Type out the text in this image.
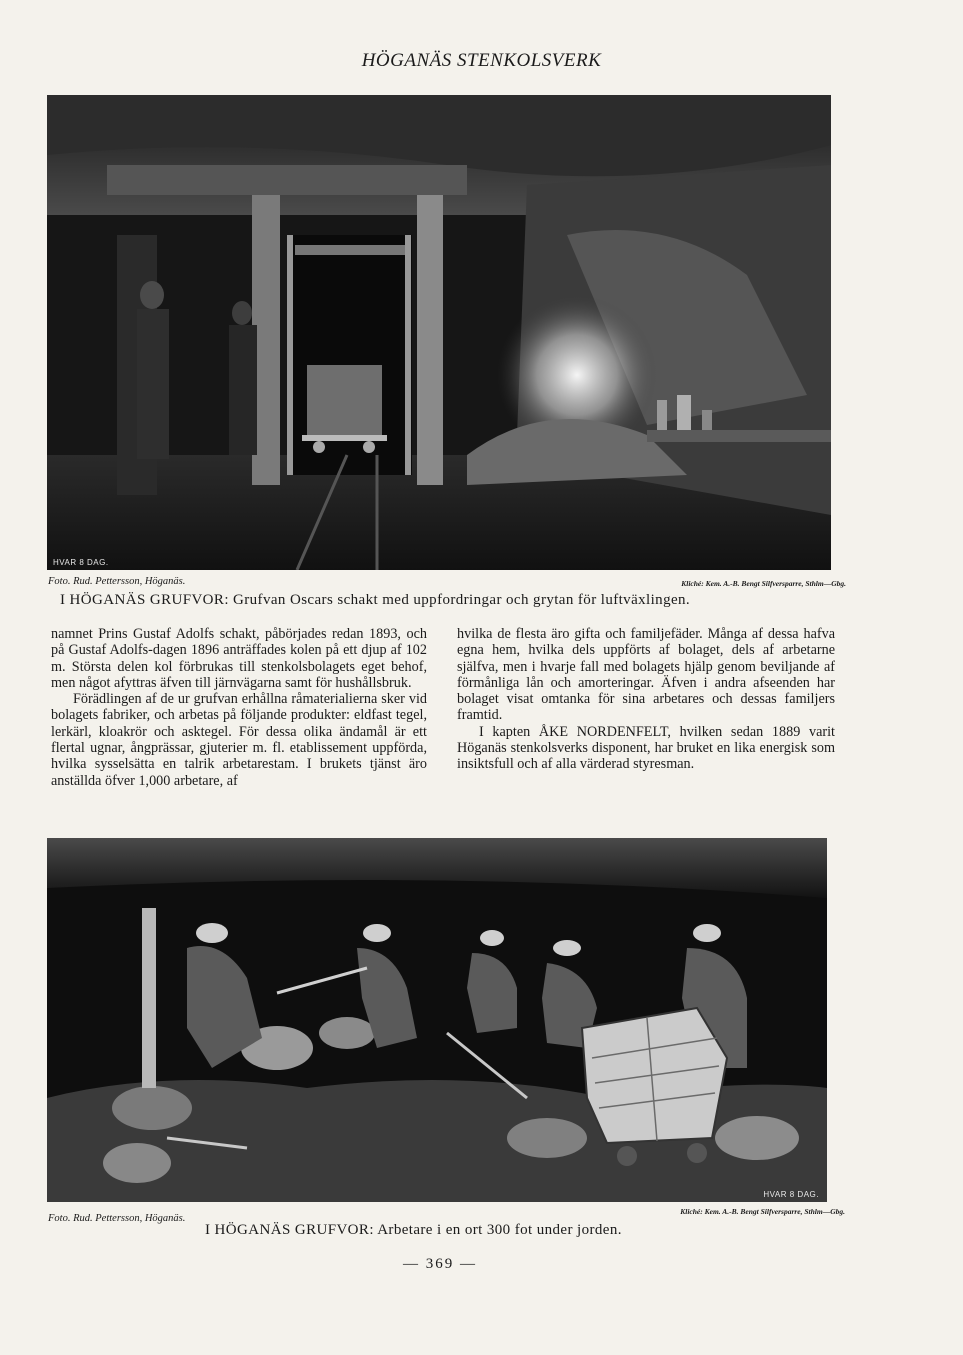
HÖGANÄS STENKOLSVERK
HVAR 8 DAG.
Foto. Rud. Pettersson, Höganäs.	Kliché: Kem. A.-B. Bengt Silfversparre, Sthlm—Gbg.
I HÖGANÄS GRUFVOR: Grufvan Oscars schakt med uppfordringar och grytan för luftväxlingen.

namnet Prins Gustaf Adolfs schakt, påbörjades redan 1893, och på Gustaf Adolfs-dagen 1896 anträffades kolen på ett djup af 102 m. Största delen kol förbrukas till stenkolsbolagets eget behof, men något afyttras äfven till järnvägarna samt för hushållsbruk.

Förädlingen af de ur grufvan erhållna råmaterialierna sker vid bolagets fabriker, och arbetas på följande produkter: eldfast tegel, lerkärl, kloakrör och asktegel. För dessa olika ändamål är ett flertal ugnar, ångprässar, gjuterier m. fl. etablissement uppförda, hvilka sysselsätta en talrik arbetarestam. I brukets tjänst äro anställda öfver 1,000 arbetare, af

hvilka de flesta äro gifta och familjefäder. Många af dessa hafva egna hem, hvilka dels uppförts af bolaget, dels af arbetarne själfva, men i hvarje fall med bolagets hjälp genom beviljande af förmånliga lån och amorteringar. Äfven i andra afseenden har bolaget visat omtanka för sina arbetares och dessas familjers framtid.

I kapten ÅKE NORDENFELT, hvilken sedan 1889 varit Höganäs stenkolsverks disponent, har bruket en lika energisk som insiktsfull och af alla värderad styresman.

HVAR 8 DAG.
Foto. Rud. Pettersson, Höganäs.
Kliché: Kem. A.-B. Bengt Silfversparre, Sthlm—Gbg.
I HÖGANÄS GRUFVOR: Arbetare i en ort 300 fot under jorden.
— 369 —
